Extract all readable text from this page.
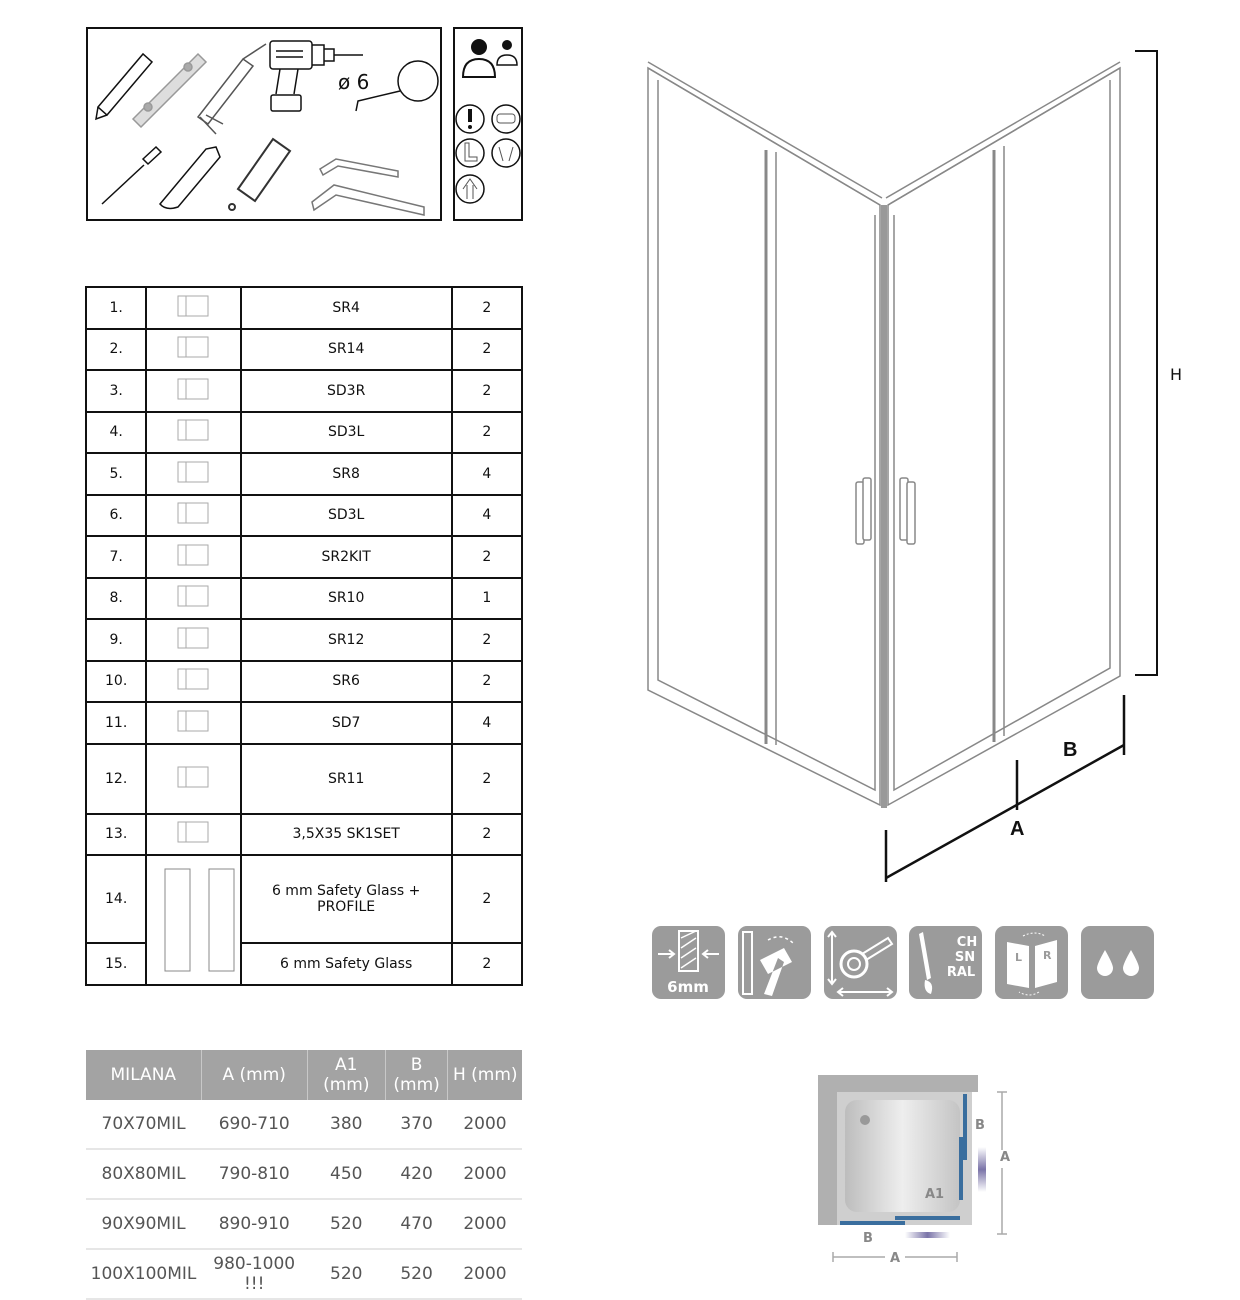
ø 6
1.		SR4	2
2.		SR14	2
3.		SD3R	2
4.		SD3L	2
5.		SR8	4
6.		SD3L	4
7.		SR2KIT	2
8.		SR10	1
9.		SR12	2
10.		SR6	2
11.		SD7	4
12.		SR11	2
13.		3,5X35 SK1SET	2
14.		6 mm Safety Glass +
PROFILE	2
15.		6 mm Safety Glass	2
MILANA	A (mm)	A1 (mm)	B
(mm)	H (mm)
70X70MIL	690-710	380	370	2000
80X80MIL	790-810	450	420	2000
90X90MIL	890-910	520	470	2000
100X100MIL	980-1000 !!!	520	520	2000
H
A
B
6mm
CH
SN
RAL
L R
B
A
A1
B
A
